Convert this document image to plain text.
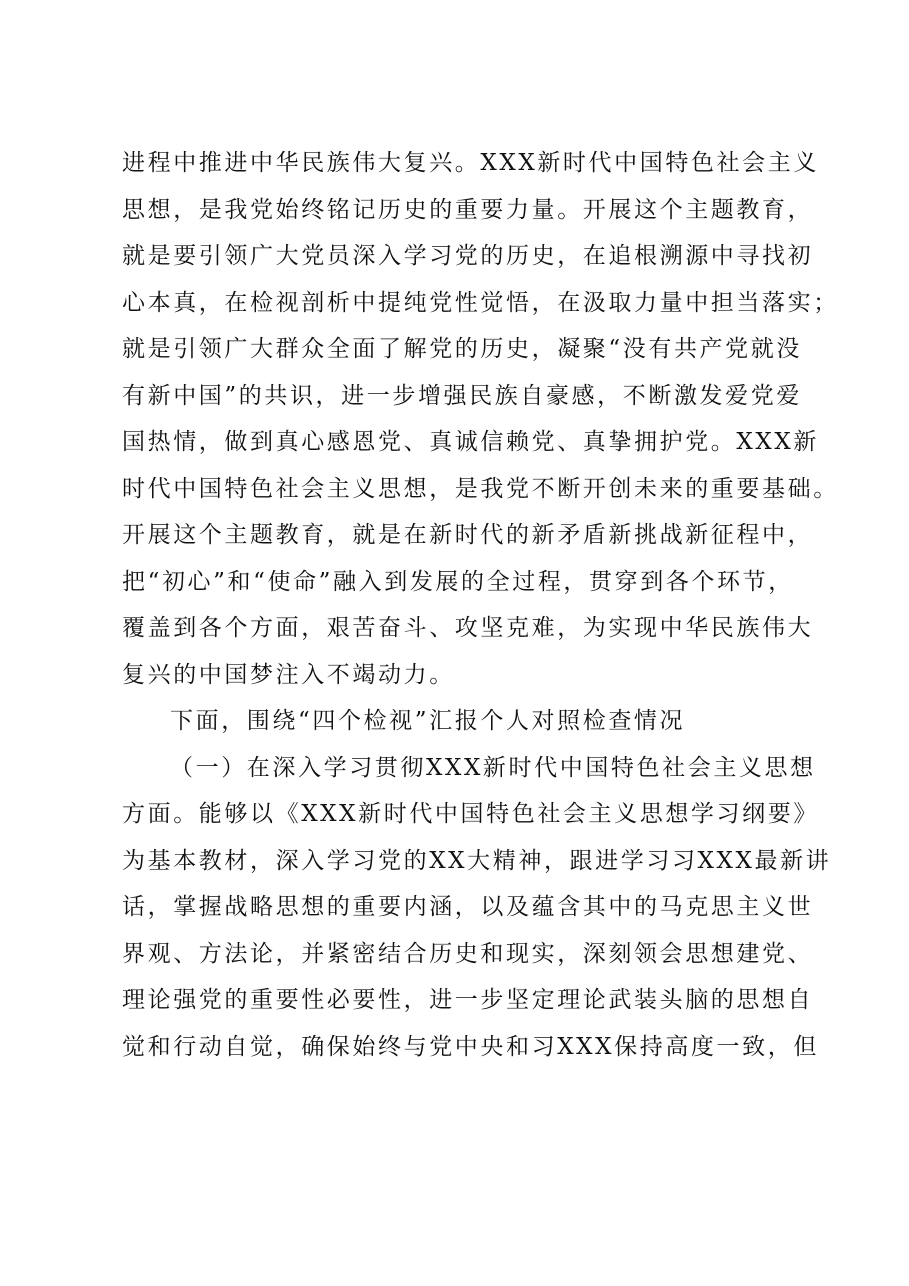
进程中推进中华民族伟大复兴。XXX新时代中国特色社会主义
思想，是我党始终铭记历史的重要力量。开展这个主题教育，
就是要引领广大党员深入学习党的历史，在追根溯源中寻找初
心本真，在检视剖析中提纯党性觉悟，在汲取力量中担当落实；
就是引领广大群众全面了解党的历史，凝聚“没有共产党就没
有新中国”的共识，进一步增强民族自豪感，不断激发爱党爱
国热情，做到真心感恩党、真诚信赖党、真挚拥护党。XXX新
时代中国特色社会主义思想，是我党不断开创未来的重要基础。
开展这个主题教育，就是在新时代的新矛盾新挑战新征程中，
把“初心”和“使命”融入到发展的全过程，贯穿到各个环节，
覆盖到各个方面，艰苦奋斗、攻坚克难，为实现中华民族伟大
复兴的中国梦注入不竭动力。
下面，围绕“四个检视”汇报个人对照检查情况
（一）在深入学习贯彻XXX新时代中国特色社会主义思想
方面。能够以《XXX新时代中国特色社会主义思想学习纲要》
为基本教材，深入学习党的XX大精神，跟进学习习XXX最新讲
话，掌握战略思想的重要内涵，以及蕴含其中的马克思主义世
界观、方法论，并紧密结合历史和现实，深刻领会思想建党、
理论强党的重要性必要性，进一步坚定理论武装头脑的思想自
觉和行动自觉，确保始终与党中央和习XXX保持高度一致，但
